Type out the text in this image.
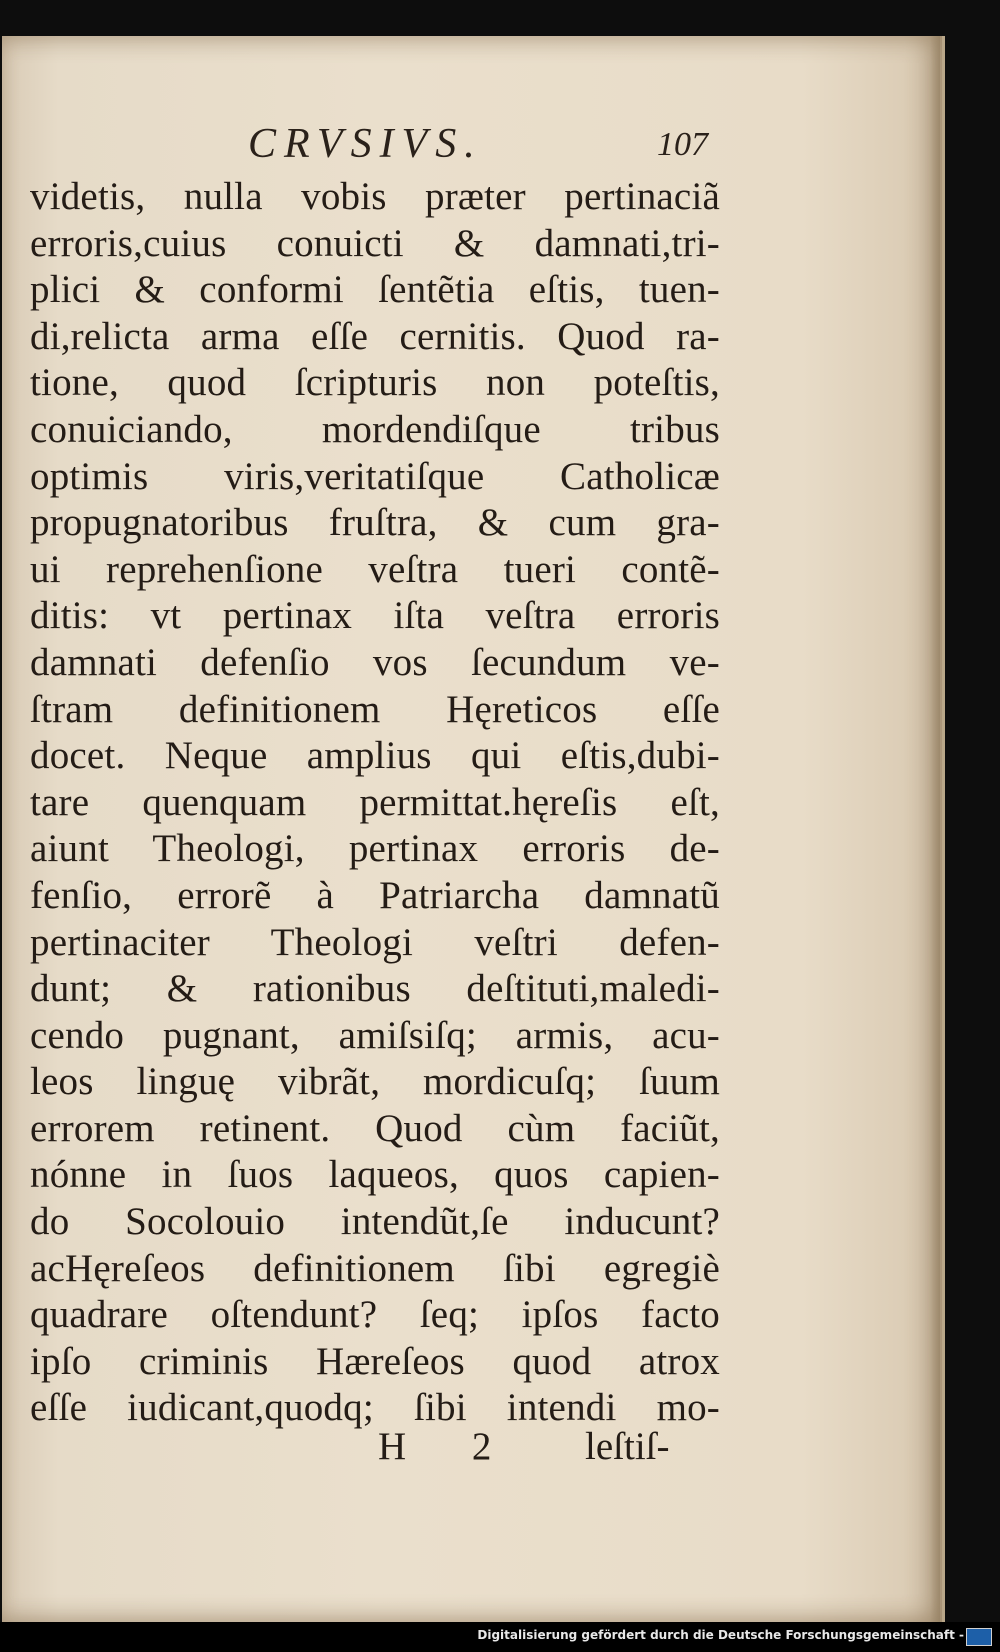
CRVSIVS.	107
videtis, nulla vobis præter pertinaciã
erroris,cuius conuicti & damnati,tri-
plici & conformi ſentẽtia eſtis, tuen-
di,relicta arma eſſe cernitis. Quod ra-
tione, quod ſcripturis non poteſtis,
conuiciando, mordendiſque tribus
optimis viris,veritatiſque Catholicæ
propugnatoribus fruſtra, & cum gra-
ui reprehenſione veſtra tueri contẽ-
ditis: vt pertinax iſta veſtra erroris
damnati defenſio vos ſecundum ve-
ſtram definitionem Hęreticos eſſe
docet. Neque amplius qui eſtis,dubi-
tare quenquam permittat.hęreſis eſt,
aiunt Theologi, pertinax erroris de-
fenſio, errorẽ à Patriarcha damnatũ
pertinaciter Theologi veſtri defen-
dunt; & rationibus deſtituti,maledi-
cendo pugnant, amiſsiſq; armis, acu-
leos linguę vibrãt, mordicuſq; ſuum
errorem retinent. Quod cùm faciũt,
nónne in ſuos laqueos, quos capien-
do Socolouio intendũt,ſe inducunt?
acHęreſeos definitionem ſibi egregiè
quadrare oſtendunt? ſeq; ipſos facto
ipſo criminis Hæreſeos quod atrox
eſſe iudicant,quodq; ſibi intendi mo-
H 2 leſtiſ-
Digitalisierung gefördert durch die Deutsche Forschungsgemeinschaft -
